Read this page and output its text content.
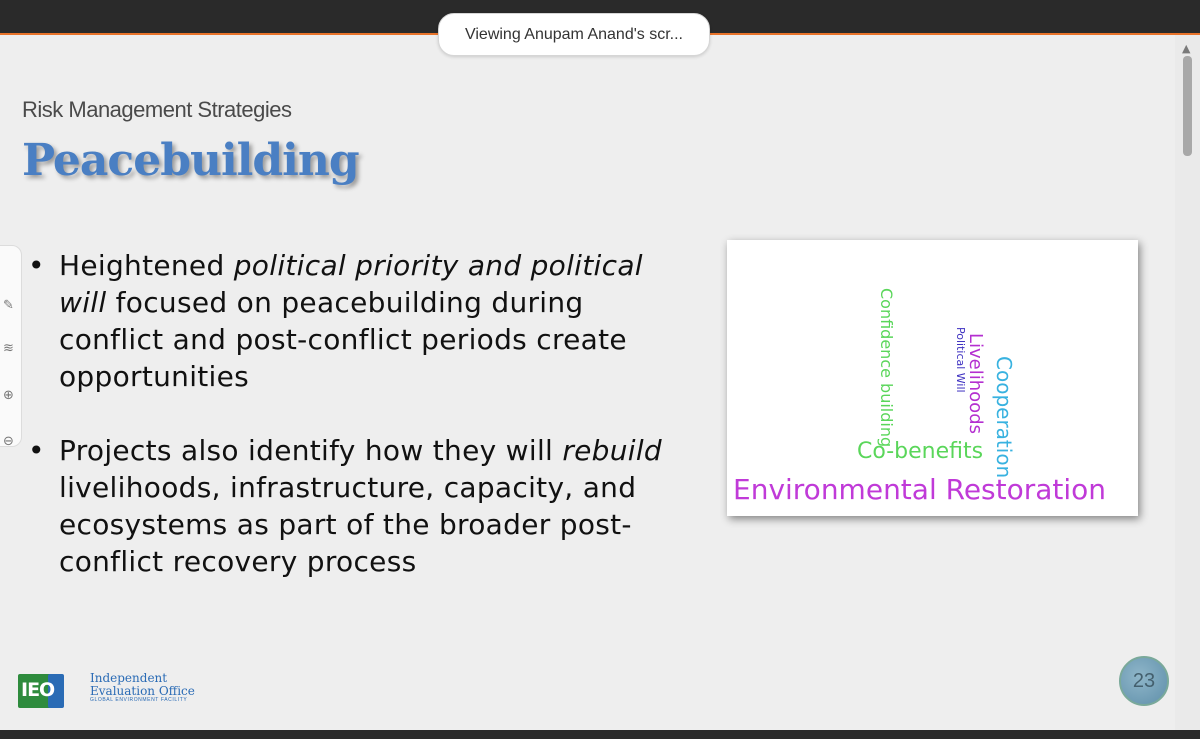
Viewing Anupam Anand's scr...
Risk Management Strategies
Peacebuilding
• Heightened political priority and political will focused on peacebuilding during conflict and post-conflict periods create opportunities
• Projects also identify how they will rebuild livelihoods, infrastructure, capacity, and ecosystems as part of the broader post-conflict recovery process
Confidence building	Political Will
Livelihoods Cooperation
Co-benefits
Environmental Restoration
IEO
Independent
Evaluation Office
GLOBAL ENVIRONMENT FACILITY
23
✎
≋
⊕
⊖
▲
